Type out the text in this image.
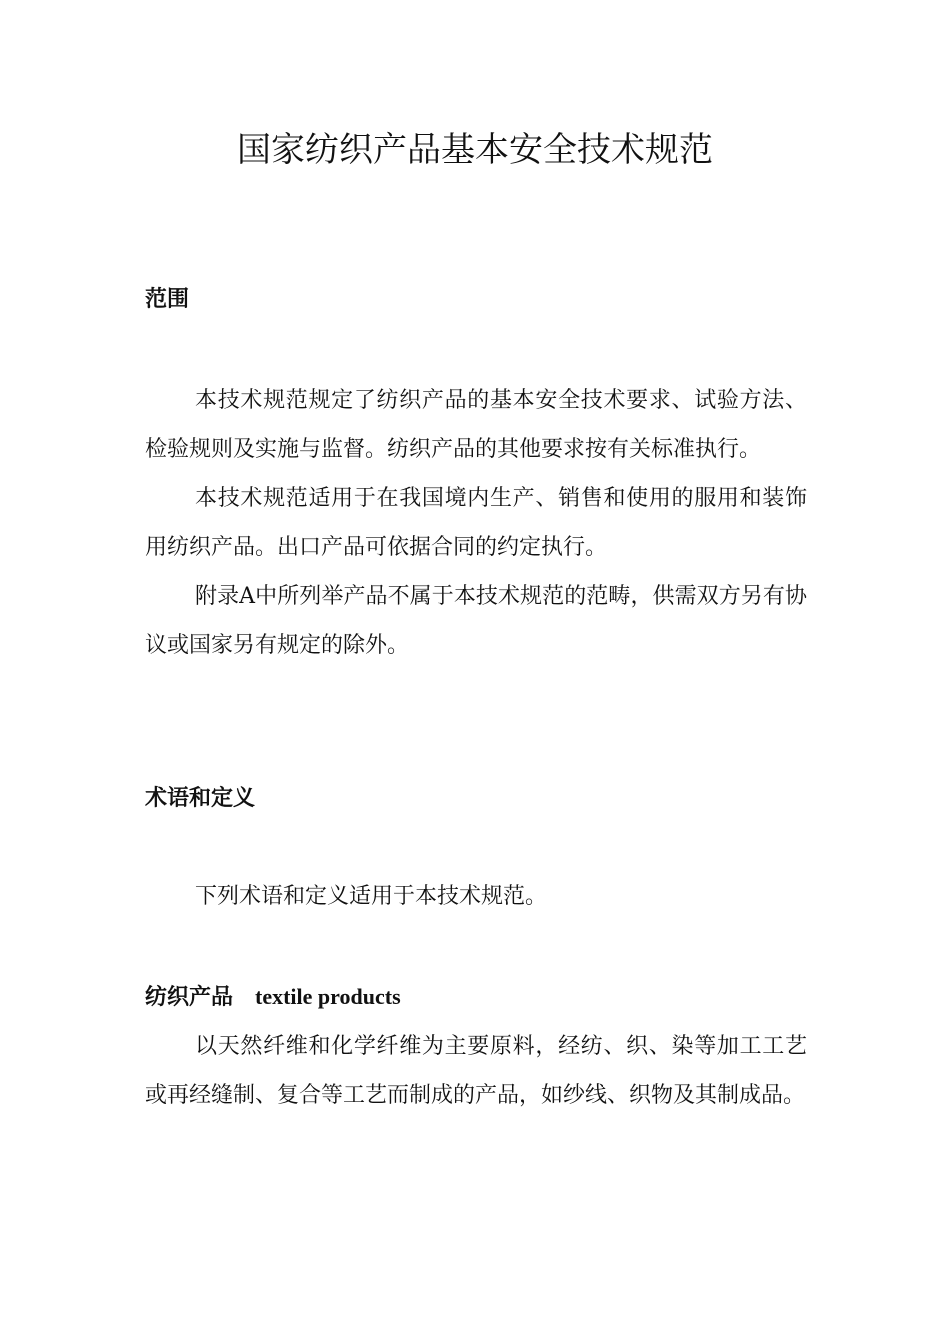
国家纺织产品基本安全技术规范

范围

本技术规范规定了纺织产品的基本安全技术要求、试验方法、检验规则及实施与监督。纺织产品的其他要求按有关标准执行。

本技术规范适用于在我国境内生产、销售和使用的服用和装饰用纺织产品。出口产品可依据合同的约定执行。

附录A中所列举产品不属于本技术规范的范畴，供需双方另有协议或国家另有规定的除外。

术语和定义

下列术语和定义适用于本技术规范。

纺织产品 textile products

以天然纤维和化学纤维为主要原料，经纺、织、染等加工工艺或再经缝制、复合等工艺而制成的产品，如纱线、织物及其制成品。
